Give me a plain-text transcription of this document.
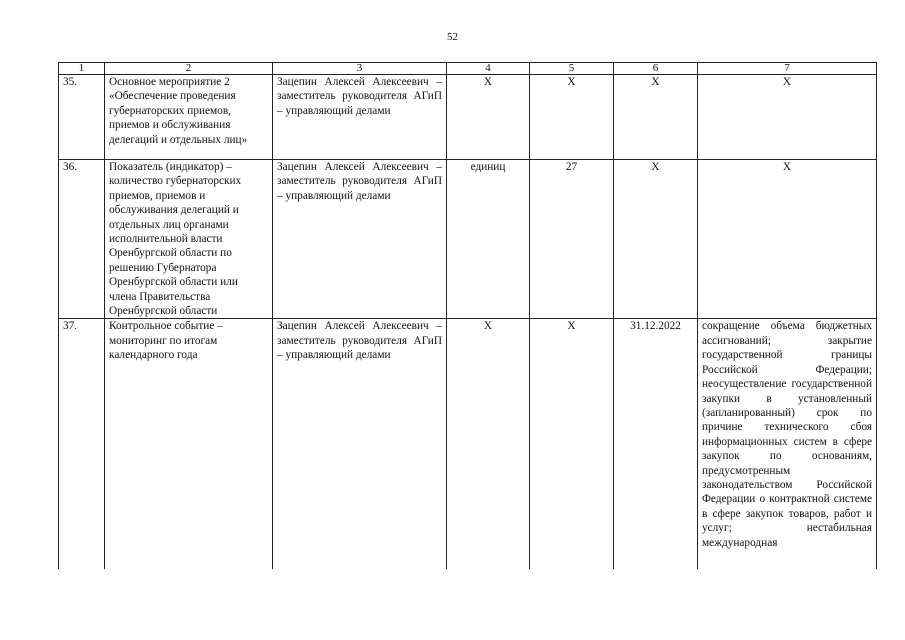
52
1	2	3	4	5	6	7
35.	Основное мероприятие 2 «Обеспечение проведения губернаторских приемов, приемов и обслуживания делегаций и отдельных лиц»	Зацепин Алексей Алексеевич – заместитель руководителя АГиП – управляющий делами	Х	Х	Х	Х
36.	Показатель (индикатор) – количество губернаторских приемов, приемов и обслуживания делегаций и отдельных лиц органами исполнительной власти Оренбургской области по решению Губернатора Оренбургской области или члена Правительства Оренбургской области	Зацепин Алексей Алексеевич – заместитель руководителя АГиП – управляющий делами	единиц	27	Х	Х
37.	Контрольное событие – мониторинг по итогам календарного года	Зацепин Алексей Алексеевич – заместитель руководителя АГиП – управляющий делами	Х	Х	31.12.2022	сокращение объема бюджетных ассигнований; закрытие государственной границы Российской Федерации; неосуществление государственной закупки в установленный (запланированный) срок по причине технического сбоя информационных систем в сфере закупок по основаниям, предусмотренным законодательством Российской Федерации о контрактной системе в сфере закупок товаров, работ и услуг; нестабильная международная
